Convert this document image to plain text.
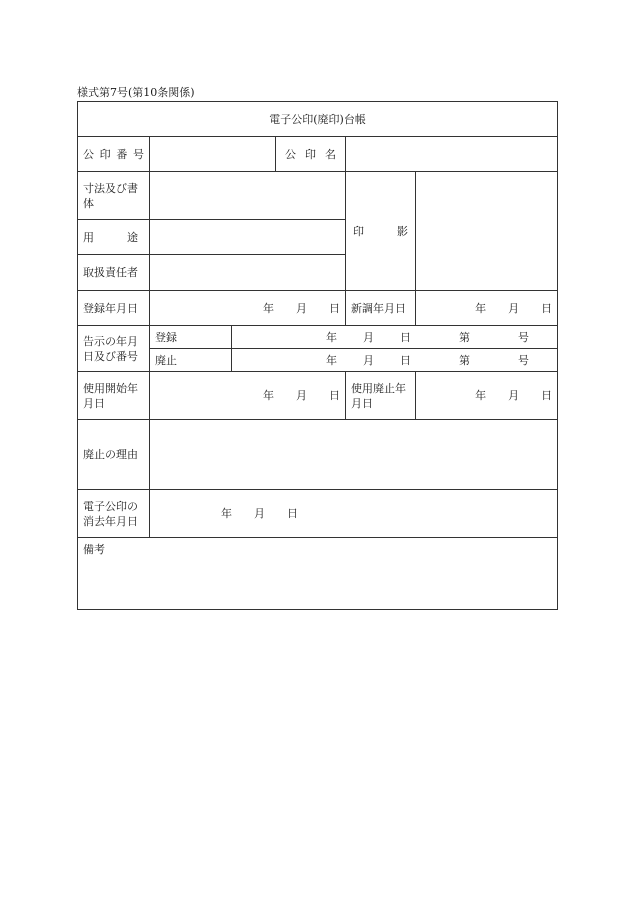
様式第7号(第10条関係)
電子公印(廃印)台帳					

公 印 番 号			公 印 名		

寸法及び書体				印 影	

用 途					

取扱責任者					
登録年月日	年 月 日			新調年月日	年 月 日

告示の年月日及び番号	登録	年 月 日 第 号			

	廃止	年 月 日 第 号			

使用開始年月日	年 月 日			使用廃止年月日	年 月 日

廃止の理由					
電子公印の消去年月日	年 月 日				

備考					
